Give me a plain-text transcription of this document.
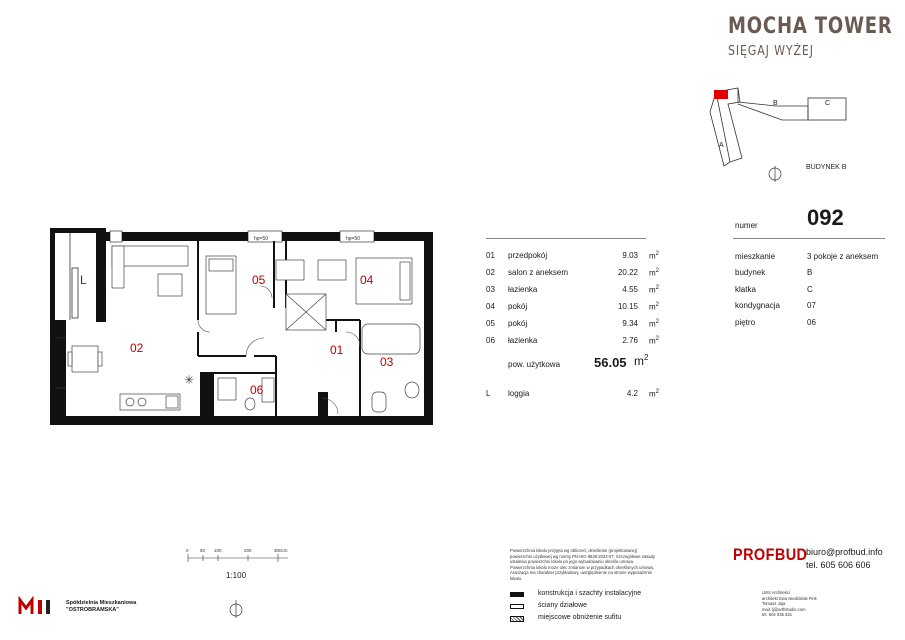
MOCHA TOWER
SIĘGAJ WYŻEJ
A
B	C
BUDYNEK B
numer 092
01	przedpokój	9.03	$m^2$
02	salon z aneksem	20.22	$m^2$
03	łazienka	4.55	$m^2$
04	pokój	10.15	$m^2$
05	pokój	9.34	$m^2$
06	łazienka	2.76	$m^2$
pow. użytkowa	56.05 $m^2$
L	loggia	4.2	$m^2$
mieszkanie	3 pokoje z aneksem
budynek	B
klatka	C
kondygnacja	07
piętro	06
✳
hp=50	hp=50
L
02
05	04
01
03
06
0	50 100	200	300cm
1:100
Powierzchnia lokalu przyjęta wg obliczeń; określenie (projektowanej) powierzchni użytkowej wg normy PN-ISO 9836:2022-07. Szczegółowe zasady ustalenia powierzchni lokalu po jego wybudowaniu określa umowa. Powierzchnia lokalu może ulec zmianom w przypadkach określonych umową. Aranżacja ma charakter przykładowy, uwzględnienie na stronie wyposażenie lokalu.
konstrukcja i szachty instalacyjne
ściany działowe
miejscowe obniżenie sufitu
PROFBUD
biuro@profbud.info
tel. 605 606 606
LWS Architekci
architekt Ewa Niedzielak Fink
Tomasz Jaja
mail: lj@arthstudio.com
tel. 604 035 331
Spółdzielnia Mieszkaniowa
"OSTROBRAMSKA"
